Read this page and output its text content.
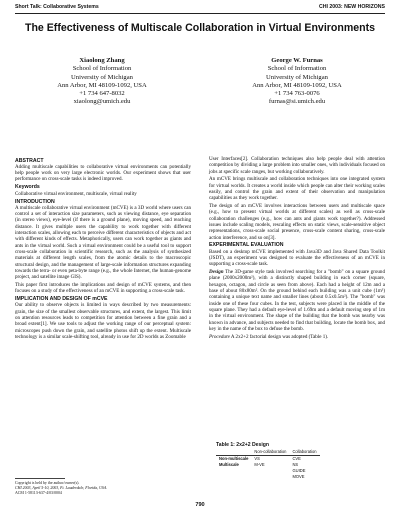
Short Talk: Collaborative Systems	CHI 2003: NEW HORIZONS
The Effectiveness of Multiscale Collaboration in Virtual Environments
Xiaolong Zhang
School of Information
University of Michigan
Ann Arbor, MI 48109-1092, USA
+1 734 647-8032
xiaolong@umich.edu
George W. Furnas
School of Information
University of Michigan
Ann Arbor, MI 48109-1092, USA
+1 734 763-0076
furnas@si.umich.edu
ABSTRACT

Adding multiscale capabilities to collaborative virtual environments can potentially help people work on very large electronic worlds. Our experiment shows that user performance on cross-scale tasks is indeed improved.

Keywords

Collaborative virtual environment, multiscale, virtual reality

INTRODUCTION

A multiscale collaborative virtual environment (mCVE) is a 3D world where users can control a set of interaction size parameters, such as viewing distance, eye separation (in stereo views), eye-level (if there is a ground plane), moving speed, and reaching distance. It gives multiple users the capability to work together with different interaction scales, allowing each to perceive different characteristics of objects and act with different kinds of effects. Metaphorically, users can work together as giants and ants in the virtual world. Such a virtual environment could be a useful tool to support cross-scale collaboration in scientific research, such as the analysis of synthesized materials at different length scales, from the atomic details to the macroscopic structural design, and the management of large-scale information structures expanding towards the terra- or even peta-byte range (e.g., the whole Internet, the human-genome project, and satellite image GIS).

This paper first introduces the implications and design of mCVE systems, and then focuses on a study of the effectiveness of an mCVE in supporting a cross-scale task.

IMPLICATION AND DESIGN OF mCVE

Our ability to observe objects is limited in ways described by two measurements: grain, the size of the smallest observable structures, and extent, the largest. This limit on attention resources leads to competition for attention between a fine grain and a broad extent[1]. We use tools to adjust the working range of our perceptual system: microscopes push down the grain, and satellite photos shift up the extent. Multiscale technology is a similar scale-shifting tool, already in use for 2D worlds as Zoomable

Copyright is held by the author/owner(s).
CHI 2003, April 5-10, 2003, Ft. Lauderdale, Florida, USA.
ACM 1-58113-637-4/03/0004

User Interfaces[2]. Collaboration techniques also help people deal with attention competition by dividing a large problem into smaller ones, with individuals focused on jobs at specific scale ranges, but working collaboratively.

An mCVE brings multiscale and collaboration techniques into one integrated system for virtual worlds. It creates a world inside which people can alter their working scales easily, and control the grain and extent of their observation and manipulation capabilities as they work together.

The design of an mCVE involves interactions between users and multiscale space (e.g., how to present virtual worlds at different scales) as well as cross-scale collaboration challenges (e.g., how can ants and giants work together?). Addressed issues include scaling models, rescaling effects on static views, scale-sensitive object representations, cross-scale social presence, cross-scale content sharing, cross-scale action interference, and so on[3].

EXPERIMENTAL EVALUATION

Based on a desktop mCVE implemented with Java3D and Java Shared Data Toolkit (JSDT), an experiment was designed to evaluate the effectiveness of an mCVE in supporting a cross-scale task.

Design The 3D-game style task involved searching for a "bomb" on a square ground plane (2000x2000m²), with a distinctly shaped building in each corner (square, hexagon, octagon, and circle as seen from above). Each had a height of 12m and a base of about 80x80m². On the ground behind each building was a unit cube (1m³) containing a unique text name and smaller lines (about 0.5x0.5m²). The "bomb" was inside one of these four cubes. In the test, subjects were placed in the middle of the square plane. They had a default eye-level of 1.69m and a default moving step of 1m in the virtual environment. The shape of the building that the bomb was nearby was known in advance, and subjects needed to find that building, locate the bomb box, and key in the name of the box to defuse the bomb.

Procedure A 2x2+2 factorial design was adopted (Table 1).

Table 1: 2x2+2 Design
	Non-collaboration	Collaboration
Non-multiscale	VS	CVE
Multiscale	M-VE	NS
		GUIDE
		MOVE
790
